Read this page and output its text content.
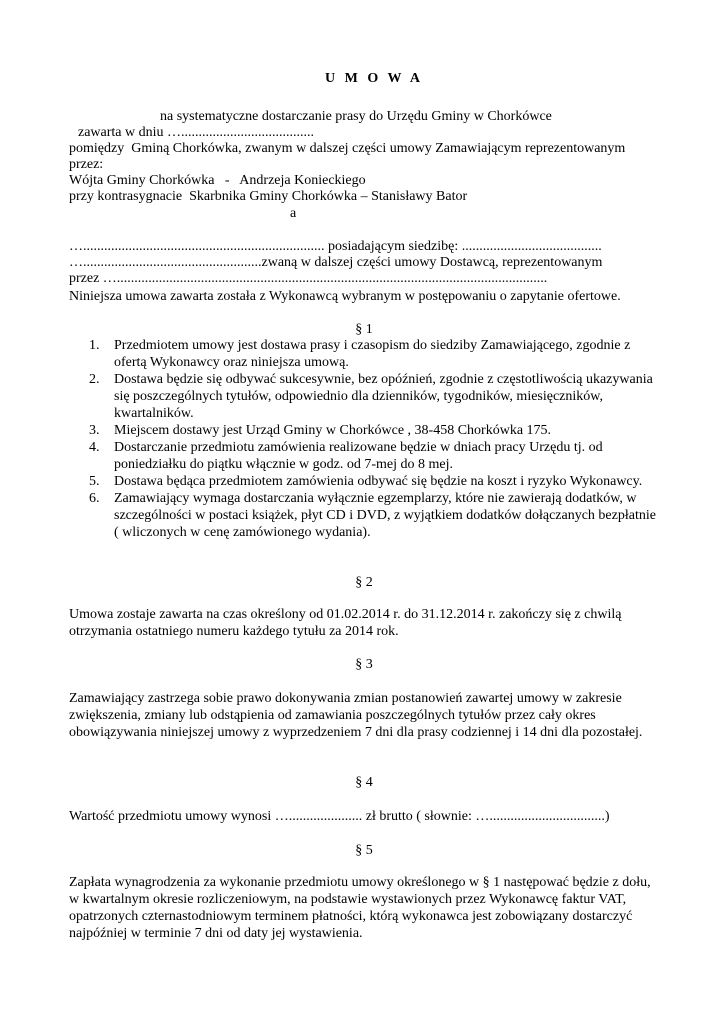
U M O W A
na systematyczne dostarczanie prasy do Urzędu Gminy w Chorkówce
zawarta w dniu …......................................
pomiędzy  Gminą Chorkówka, zwanym w dalszej części umowy Zamawiającym reprezentowanym
przez:
Wójta Gminy Chorkówka   -   Andrzeja Konieckiego
przy kontrasygnacie  Skarbnika Gminy Chorkówka – Stanisławy Bator
a
…..................................................................... posiadającym siedzibę: ........................................
…...................................................zwaną w dalszej części umowy Dostawcą, reprezentowanym
przez …...........................................................................................................................
Niniejsza umowa zawarta została z Wykonawcą wybranym w postępowaniu o zapytanie ofertowe.
§ 1
1. Przedmiotem umowy jest dostawa prasy i czasopism do siedziby Zamawiającego, zgodnie z ofertą Wykonawcy oraz niniejsza umową.
2. Dostawa będzie się odbywać sukcesywnie, bez opóźnień, zgodnie z częstotliwością ukazywania się poszczególnych tytułów, odpowiednio dla dzienników, tygodników, miesięczników, kwartalników.
3. Miejscem dostawy jest Urząd Gminy w Chorkówce , 38-458 Chorkówka 175.
4. Dostarczanie przedmiotu zamówienia realizowane będzie w dniach pracy Urzędu tj. od poniedziałku do piątku włącznie w godz. od 7-mej do 8 mej.
5. Dostawa będąca przedmiotem zamówienia odbywać się będzie na koszt i ryzyko Wykonawcy.
6. Zamawiający wymaga dostarczania wyłącznie egzemplarzy, które nie zawierają dodatków, w szczególności w postaci książek, płyt CD i DVD, z wyjątkiem dodatków dołączanych bezpłatnie ( wliczonych w cenę zamówionego wydania).
§ 2
Umowa zostaje zawarta na czas określony od 01.02.2014 r. do 31.12.2014 r. zakończy się z chwilą otrzymania ostatniego numeru każdego tytułu za 2014 rok.
§ 3
Zamawiający zastrzega sobie prawo dokonywania zmian postanowień zawartej umowy w zakresie zwiększenia, zmiany lub odstąpienia od zamawiania poszczególnych tytułów przez cały okres obowiązywania niniejszej umowy z wyprzedzeniem 7 dni dla prasy codziennej i 14 dni dla pozostałej.
§ 4
Wartość przedmiotu umowy wynosi …..................... zł brutto ( słownie: ….................................)
§ 5
Zapłata wynagrodzenia za wykonanie przedmiotu umowy określonego w § 1 następować będzie z dołu, w kwartalnym okresie rozliczeniowym, na podstawie wystawionych przez Wykonawcę faktur VAT, opatrzonych czternastodniowym terminem płatności, którą wykonawca jest zobowiązany dostarczyć najpóźniej w terminie 7 dni od daty jej wystawienia.
